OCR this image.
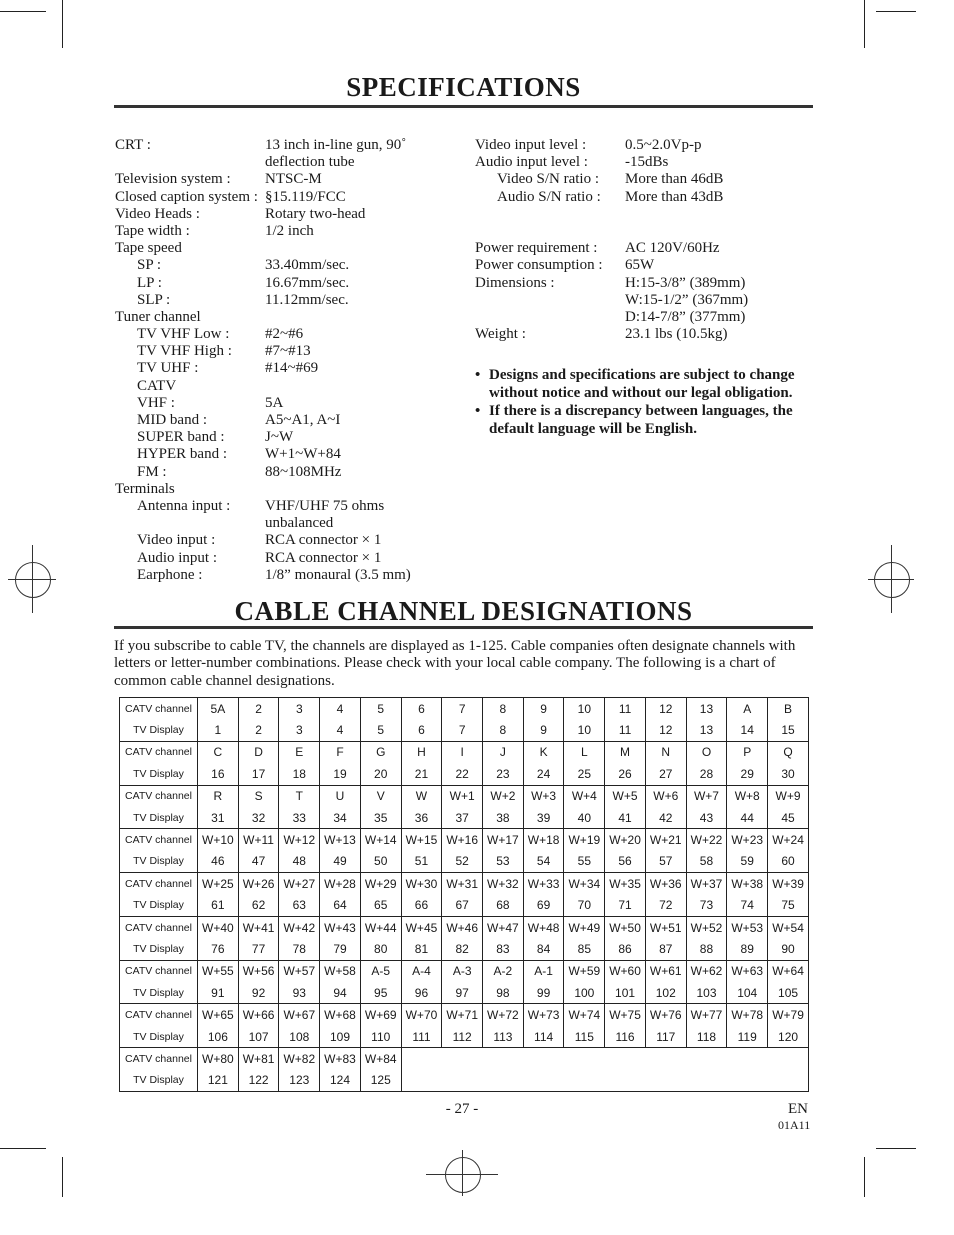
SPECIFICATIONS
CRT :	13 inch in-line gun, 90˚
deflection tube
Television system : NTSC-M
Closed caption system : §15.119/FCC
Video Heads :	Rotary two-head
Tape width :	1/2 inch
Tape speed
SP :	33.40mm/sec.
LP :	16.67mm/sec.
SLP :	11.12mm/sec.
Tuner channel
TV VHF Low : #2~#6
TV VHF High : #7~#13
TV UHF :	#14~#69
CATV
VHF :	5A
MID band :	A5~A1, A~I
SUPER band :	J~W
HYPER band :	W+1~W+84
FM :	88~108MHz
Terminals
Antenna input : VHF/UHF 75 ohms
unbalanced
Video input :	RCA connector × 1
Audio input :	RCA connector × 1
Earphone :	1/8” monaural (3.5 mm)
Video input level :	0.5~2.0Vp-p
Audio input level : -15dBs
Video S/N ratio : More than 46dB
Audio S/N ratio : More than 43dB
Power requirement : AC 120V/60Hz
Power consumption : 65W
Dimensions :	H:15-3/8” (389mm)
W:15-1/2” (367mm)
D:14-7/8” (377mm)
Weight :	23.1 lbs (10.5kg)
• Designs and specifications are subject to change without notice and without our legal obligation.
• If there is a discrepancy between languages, the default language will be English.
CABLE CHANNEL DESIGNATIONS

If you subscribe to cable TV, the channels are displayed as 1-125. Cable companies often designate channels with letters or letter-number combinations. Please check with your local cable company. The following is a chart of common cable channel designations.

CATV channel	5A	2	3	4	5	6	7	8	9	10	11	12	13	A	B
TV Display	1	2	3	4	5	6	7	8	9	10	11	12	13	14	15
CATV channel	C	D	E	F	G	H	I	J	K	L	M	N	O	P	Q
TV Display	16	17	18	19	20	21	22	23	24	25	26	27	28	29	30
CATV channel	R	S	T	U	V	W	W+1	W+2	W+3	W+4	W+5	W+6	W+7	W+8	W+9
TV Display	31	32	33	34	35	36	37	38	39	40	41	42	43	44	45
CATV channel	W+10	W+11	W+12	W+13	W+14	W+15	W+16	W+17	W+18	W+19	W+20	W+21	W+22	W+23	W+24
TV Display	46	47	48	49	50	51	52	53	54	55	56	57	58	59	60
CATV channel	W+25	W+26	W+27	W+28	W+29	W+30	W+31	W+32	W+33	W+34	W+35	W+36	W+37	W+38	W+39
TV Display	61	62	63	64	65	66	67	68	69	70	71	72	73	74	75
CATV channel	W+40	W+41	W+42	W+43	W+44	W+45	W+46	W+47	W+48	W+49	W+50	W+51	W+52	W+53	W+54
TV Display	76	77	78	79	80	81	82	83	84	85	86	87	88	89	90
CATV channel	W+55	W+56	W+57	W+58	A-5	A-4	A-3	A-2	A-1	W+59	W+60	W+61	W+62	W+63	W+64
TV Display	91	92	93	94	95	96	97	98	99	100	101	102	103	104	105
CATV channel	W+65	W+66	W+67	W+68	W+69	W+70	W+71	W+72	W+73	W+74	W+75	W+76	W+77	W+78	W+79
TV Display	106	107	108	109	110	111	112	113	114	115	116	117	118	119	120
CATV channel	W+80	W+81	W+82	W+83	W+84										
TV Display	121	122	123	124	125										
- 27 -	EN
01A11
